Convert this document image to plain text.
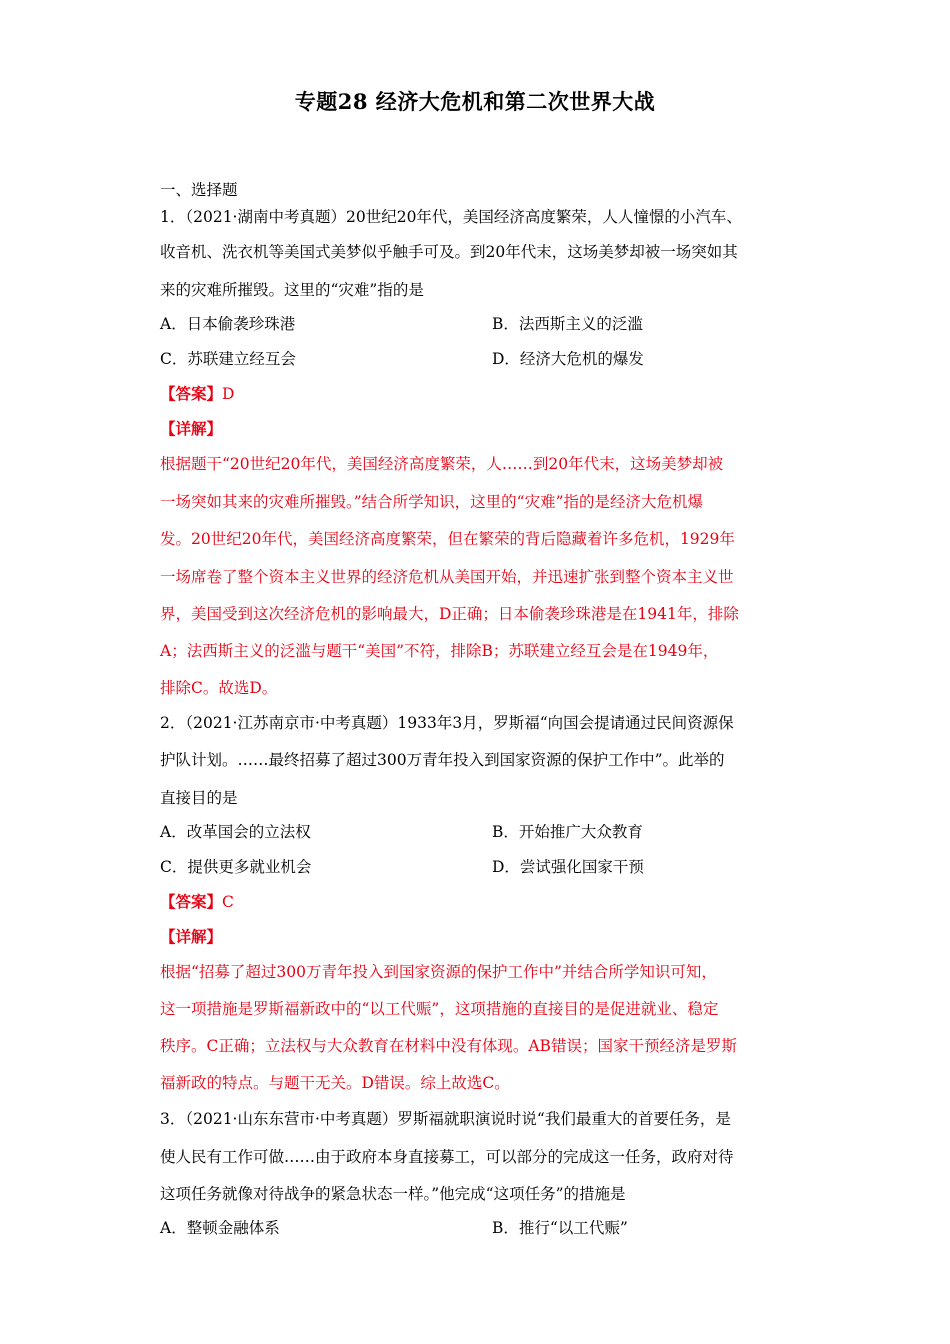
专题28 经济大危机和第二次世界大战
一、选择题
1．（2021·湖南中考真题）20世纪20年代，美国经济高度繁荣，人人憧憬的小汽车、
收音机、洗衣机等美国式美梦似乎触手可及。到20年代末，这场美梦却被一场突如其
来的灾难所摧毁。这里的“灾难”指的是
A．日本偷袭珍珠港	B．法西斯主义的泛滥
C．苏联建立经互会	D．经济大危机的爆发
【答案】D
【详解】
根据题干“20世纪20年代，美国经济高度繁荣，人……到20年代末，这场美梦却被
一场突如其来的灾难所摧毁。”结合所学知识，这里的“灾难”指的是经济大危机爆
发。20世纪20年代，美国经济高度繁荣，但在繁荣的背后隐藏着许多危机，1929年
一场席卷了整个资本主义世界的经济危机从美国开始，并迅速扩张到整个资本主义世
界，美国受到这次经济危机的影响最大，D正确；日本偷袭珍珠港是在1941年，排除
A；法西斯主义的泛滥与题干“美国”不符，排除B；苏联建立经互会是在1949年，
排除C。故选D。
2．（2021·江苏南京市·中考真题）1933年3月，罗斯福“向国会提请通过民间资源保
护队计划。……最终招募了超过300万青年投入到国家资源的保护工作中”。此举的
直接目的是
A．改革国会的立法权	B．开始推广大众教育
C．提供更多就业机会	D．尝试强化国家干预
【答案】C
【详解】
根据“招募了超过300万青年投入到国家资源的保护工作中”并结合所学知识可知，
这一项措施是罗斯福新政中的“以工代赈”，这项措施的直接目的是促进就业、稳定
秩序。C正确；立法权与大众教育在材料中没有体现。AB错误；国家干预经济是罗斯
福新政的特点。与题干无关。D错误。综上故选C。
3．（2021·山东东营市·中考真题）罗斯福就职演说时说“我们最重大的首要任务，是
使人民有工作可做……由于政府本身直接募工，可以部分的完成这一任务，政府对待
这项任务就像对待战争的紧急状态一样。”他完成“这项任务”的措施是
A．整顿金融体系	B．推行“以工代赈”
